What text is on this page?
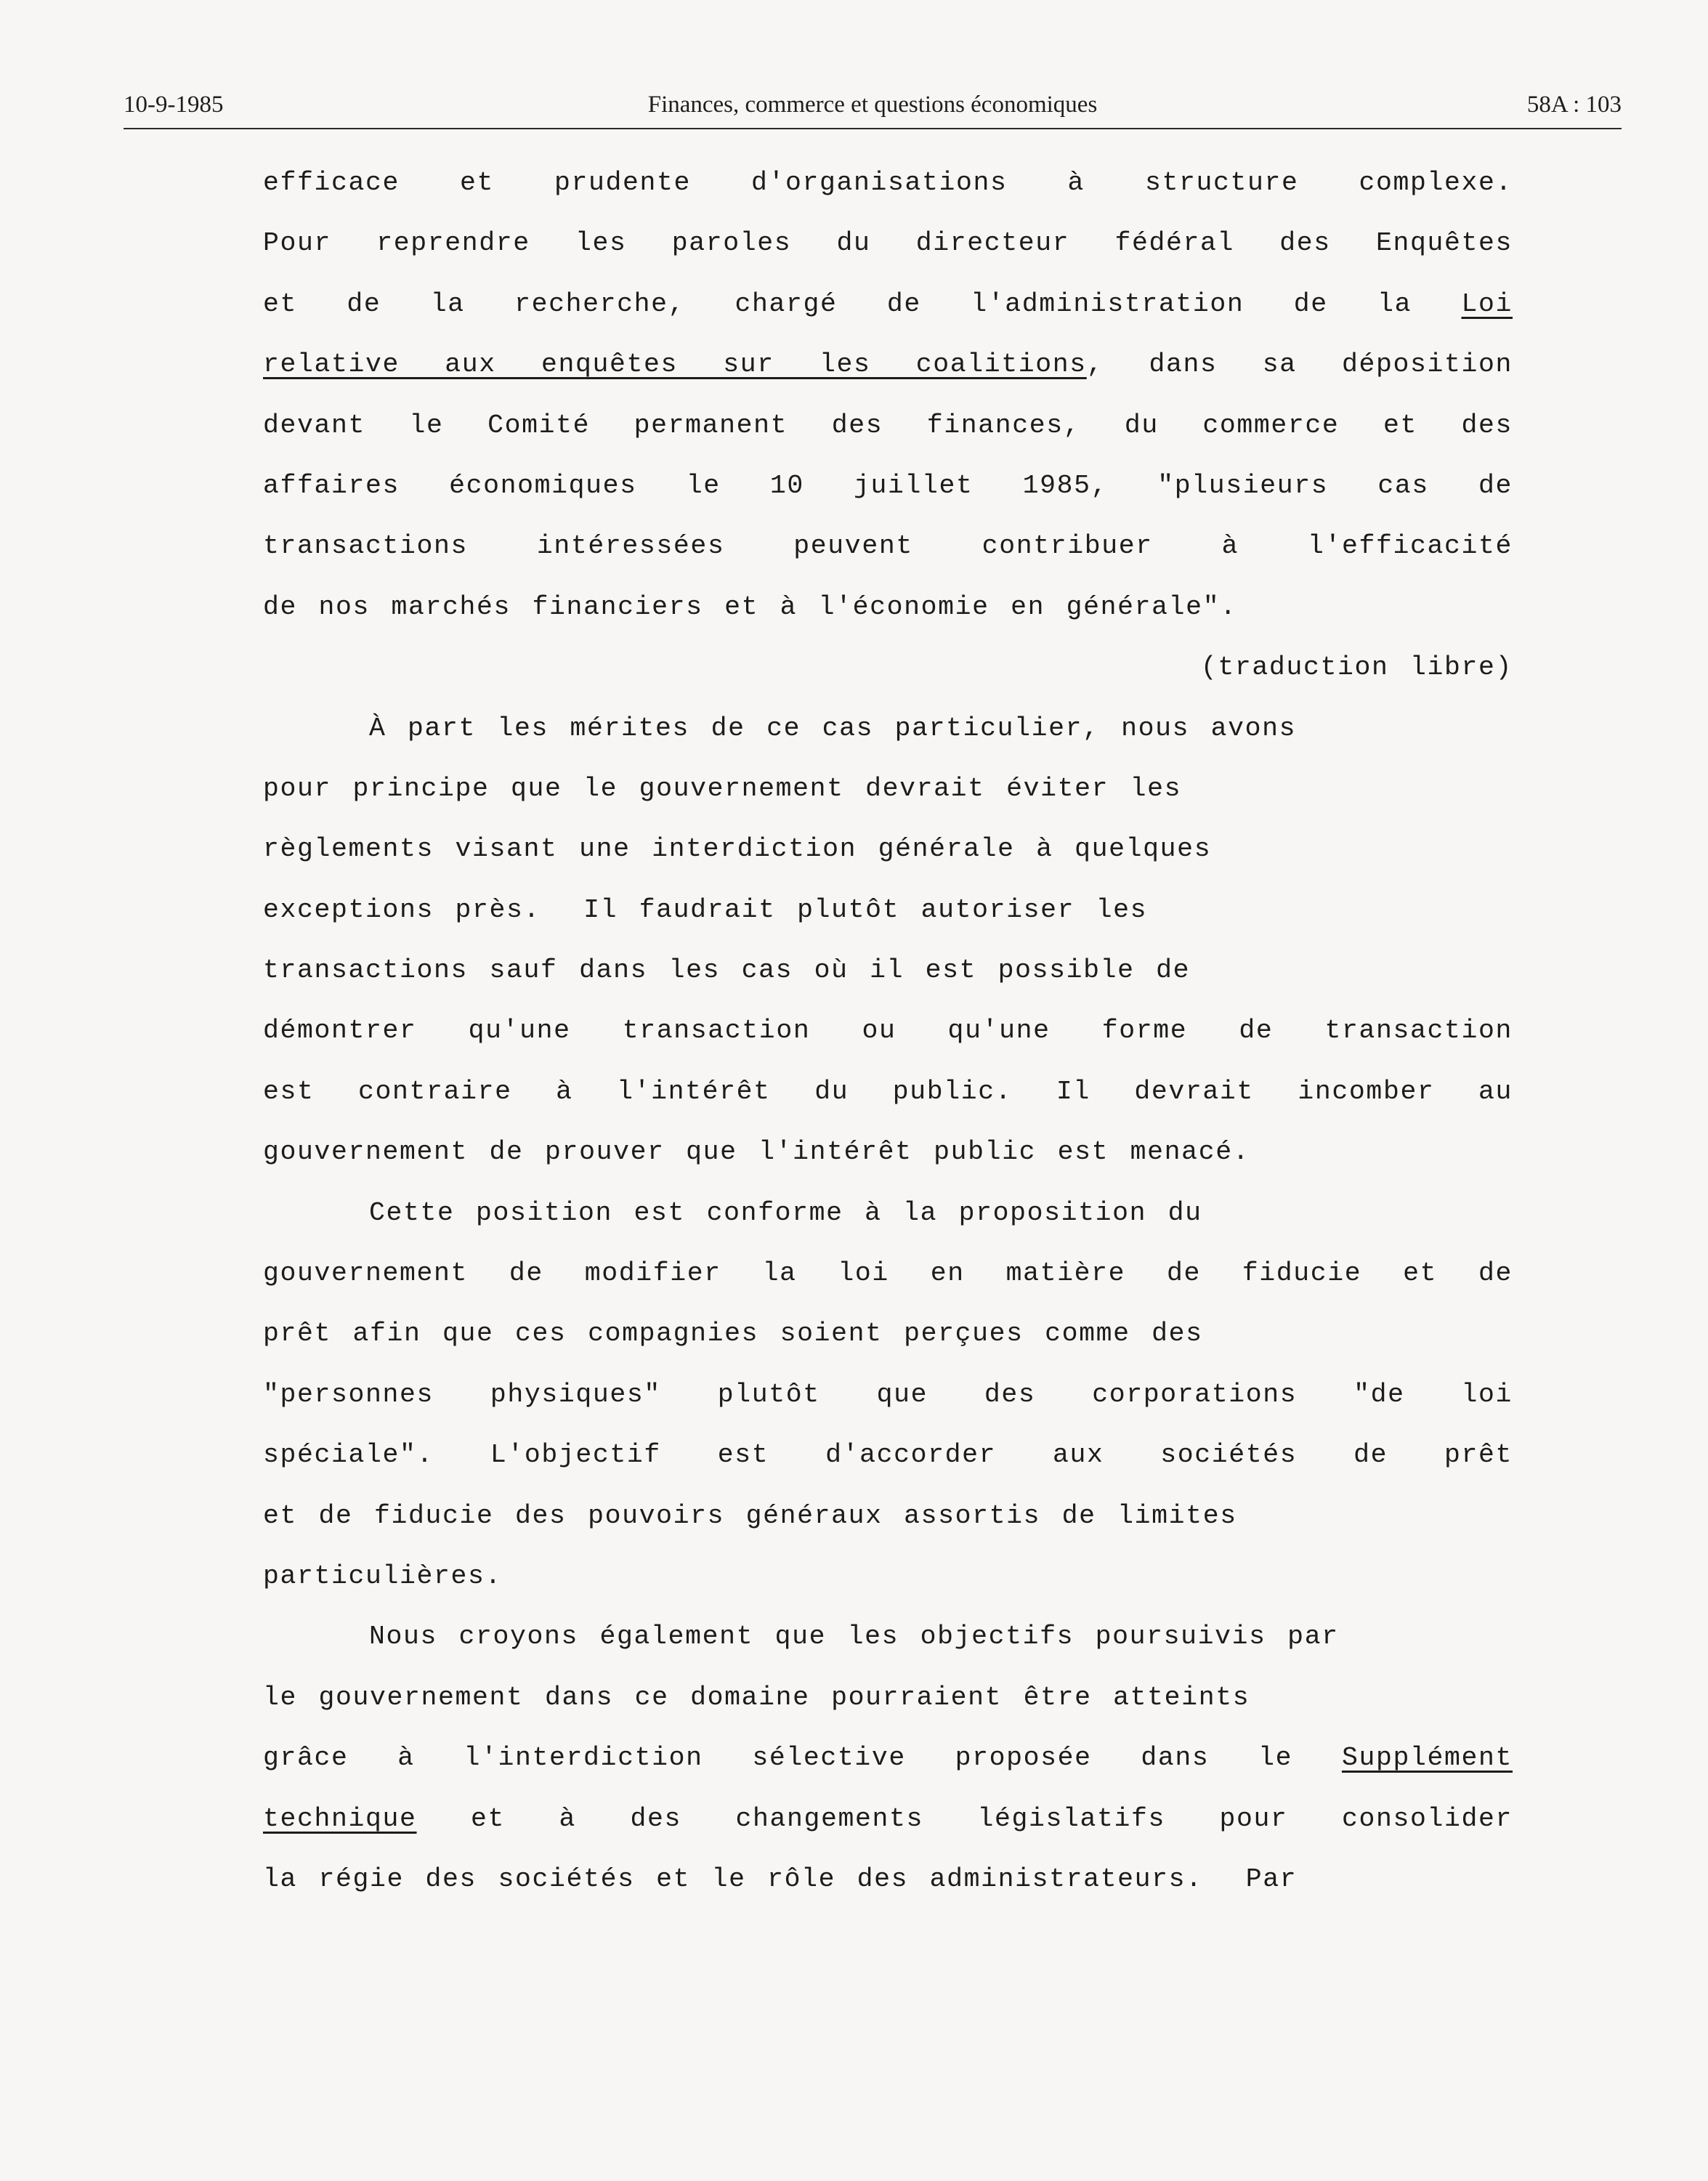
10-9-1985	Finances, commerce et questions économiques	58A : 103
efficace et prudente d'organisations à structure complexe.
Pour reprendre les paroles du directeur fédéral des Enquêtes
et de la recherche, chargé de l'administration de la Loi
relative aux enquêtes sur les coalitions, dans sa déposition
devant le Comité permanent des finances, du commerce et des
affaires économiques le 10 juillet 1985, "plusieurs cas de
transactions intéressées peuvent contribuer à l'efficacité
de nos marchés financiers et à l'économie en générale".
(traduction libre)
À part les mérites de ce cas particulier, nous avons
pour principe que le gouvernement devrait éviter les
règlements visant une interdiction générale à quelques
exceptions près.  Il faudrait plutôt autoriser les
transactions sauf dans les cas où il est possible de
démontrer qu'une transaction ou qu'une forme de transaction
est contraire à l'intérêt du public. Il devrait incomber au
gouvernement de prouver que l'intérêt public est menacé.
Cette position est conforme à la proposition du
gouvernement de modifier la loi en matière de fiducie et de
prêt afin que ces compagnies soient perçues comme des
"personnes physiques" plutôt que des corporations "de loi
spéciale". L'objectif est d'accorder aux sociétés de prêt
et de fiducie des pouvoirs généraux assortis de limites
particulières.
Nous croyons également que les objectifs poursuivis par
le gouvernement dans ce domaine pourraient être atteints
grâce à l'interdiction sélective proposée dans le Supplément
technique et à des changements législatifs pour consolider
la régie des sociétés et le rôle des administrateurs.  Par
